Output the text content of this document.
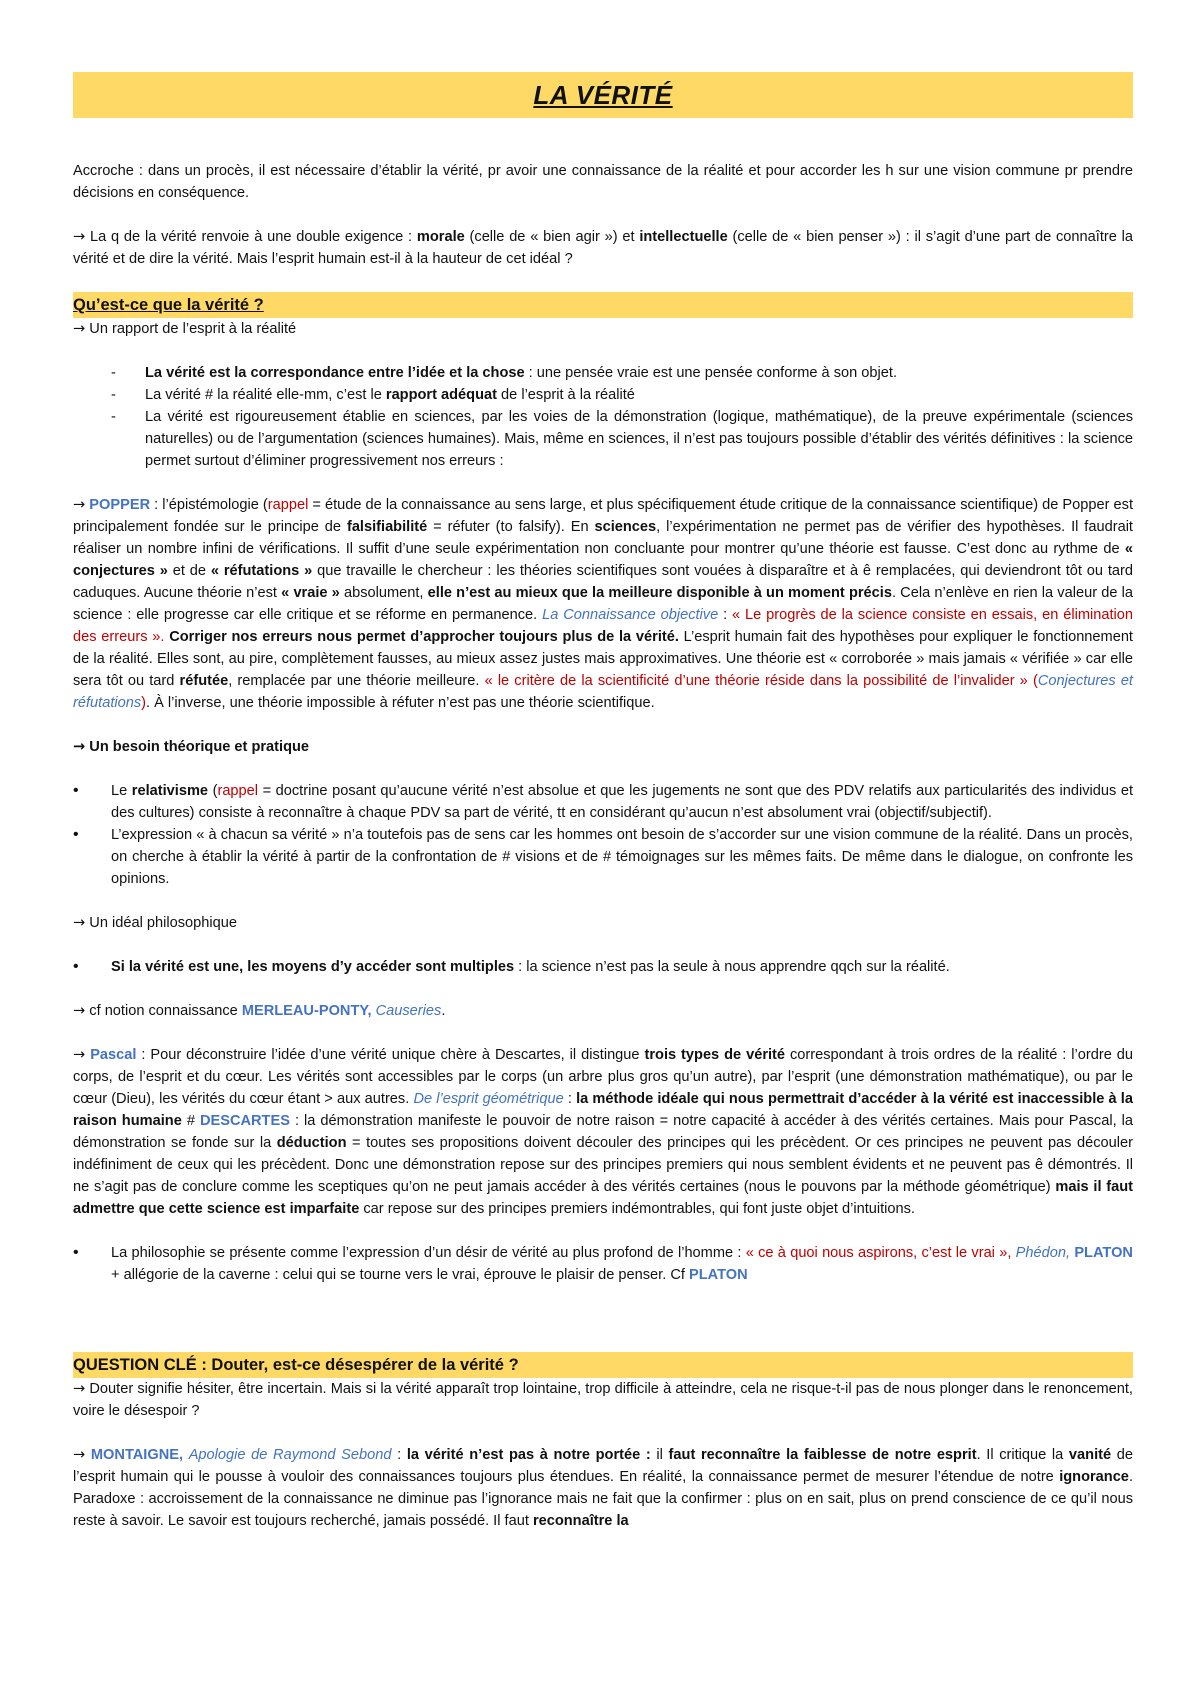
LA VÉRITÉ

Accroche : dans un procès, il est nécessaire d’établir la vérité, pr avoir une connaissance de la réalité et pour accorder les h sur une vision commune pr prendre décisions en conséquence.

→ La q de la vérité renvoie à une double exigence : morale (celle de « bien agir ») et intellectuelle (celle de « bien penser ») : il s’agit d’une part de connaître la vérité et de dire la vérité. Mais l’esprit humain est-il à la hauteur de cet idéal ?

Qu’est-ce que la vérité ?

→ Un rapport de l’esprit à la réalité

- La vérité est la correspondance entre l’idée et la chose : une pensée vraie est une pensée conforme à son objet.
- La vérité # la réalité elle-mm, c’est le rapport adéquat de l’esprit à la réalité
- La vérité est rigoureusement établie en sciences, par les voies de la démonstration (logique, mathématique), de la preuve expérimentale (sciences naturelles) ou de l’argumentation (sciences humaines). Mais, même en sciences, il n’est pas toujours possible d’établir des vérités définitives : la science permet surtout d’éliminer progressivement nos erreurs :

→ POPPER : l’épistémologie (rappel = étude de la connaissance au sens large, et plus spécifiquement étude critique de la connaissance scientifique) de Popper est principalement fondée sur le principe de falsifiabilité = réfuter (to falsify). En sciences, l’expérimentation ne permet pas de vérifier des hypothèses. Il faudrait réaliser un nombre infini de vérifications. Il suffit d’une seule expérimentation non concluante pour montrer qu’une théorie est fausse. C’est donc au rythme de « conjectures » et de « réfutations » que travaille le chercheur : les théories scientifiques sont vouées à disparaître et à ê remplacées, qui deviendront tôt ou tard caduques. Aucune théorie n’est « vraie » absolument, elle n’est au mieux que la meilleure disponible à un moment précis. Cela n’enlève en rien la valeur de la science : elle progresse car elle critique et se réforme en permanence. La Connaissance objective : « Le progrès de la science consiste en essais, en élimination des erreurs ». Corriger nos erreurs nous permet d’approcher toujours plus de la vérité. L’esprit humain fait des hypothèses pour expliquer le fonctionnement de la réalité. Elles sont, au pire, complètement fausses, au mieux assez justes mais approximatives. Une théorie est « corroborée » mais jamais « vérifiée » car elle sera tôt ou tard réfutée, remplacée par une théorie meilleure. « le critère de la scientificité d’une théorie réside dans la possibilité de l’invalider » (Conjectures et réfutations). À l’inverse, une théorie impossible à réfuter n’est pas une théorie scientifique.

→ Un besoin théorique et pratique

• Le relativisme (rappel = doctrine posant qu’aucune vérité n’est absolue et que les jugements ne sont que des PDV relatifs aux particularités des individus et des cultures) consiste à reconnaître à chaque PDV sa part de vérité, tt en considérant qu’aucun n’est absolument vrai (objectif/subjectif).
• L’expression « à chacun sa vérité » n’a toutefois pas de sens car les hommes ont besoin de s’accorder sur une vision commune de la réalité. Dans un procès, on cherche à établir la vérité à partir de la confrontation de # visions et de # témoignages sur les mêmes faits. De même dans le dialogue, on confronte les opinions.

→ Un idéal philosophique

• Si la vérité est une, les moyens d’y accéder sont multiples : la science n’est pas la seule à nous apprendre qqch sur la réalité.

→ cf notion connaissance MERLEAU-PONTY, Causeries.

→ Pascal : Pour déconstruire l’idée d’une vérité unique chère à Descartes, il distingue trois types de vérité correspondant à trois ordres de la réalité : l’ordre du corps, de l’esprit et du cœur. Les vérités sont accessibles par le corps (un arbre plus gros qu’un autre), par l’esprit (une démonstration mathématique), ou par le cœur (Dieu), les vérités du cœur étant > aux autres. De l’esprit géométrique : la méthode idéale qui nous permettrait d’accéder à la vérité est inaccessible à la raison humaine # DESCARTES : la démonstration manifeste le pouvoir de notre raison = notre capacité à accéder à des vérités certaines. Mais pour Pascal, la démonstration se fonde sur la déduction = toutes ses propositions doivent découler des principes qui les précèdent. Or ces principes ne peuvent pas découler indéfiniment de ceux qui les précèdent. Donc une démonstration repose sur des principes premiers qui nous semblent évidents et ne peuvent pas ê démontrés. Il ne s’agit pas de conclure comme les sceptiques qu’on ne peut jamais accéder à des vérités certaines (nous le pouvons par la méthode géométrique) mais il faut admettre que cette science est imparfaite car repose sur des principes premiers indémontrables, qui font juste objet d’intuitions.

• La philosophie se présente comme l’expression d’un désir de vérité au plus profond de l’homme : « ce à quoi nous aspirons, c’est le vrai », Phédon, PLATON + allégorie de la caverne : celui qui se tourne vers le vrai, éprouve le plaisir de penser. Cf PLATON
QUESTION CLÉ : Douter, est-ce désespérer de la vérité ?

→ Douter signifie hésiter, être incertain. Mais si la vérité apparaît trop lointaine, trop difficile à atteindre, cela ne risque-t-il pas de nous plonger dans le renoncement, voire le désespoir ?

→ MONTAIGNE, Apologie de Raymond Sebond : la vérité n’est pas à notre portée : il faut reconnaître la faiblesse de notre esprit. Il critique la vanité de l’esprit humain qui le pousse à vouloir des connaissances toujours plus étendues. En réalité, la connaissance permet de mesurer l’étendue de notre ignorance. Paradoxe : accroissement de la connaissance ne diminue pas l’ignorance mais ne fait que la confirmer : plus on en sait, plus on prend conscience de ce qu’il nous reste à savoir. Le savoir est toujours recherché, jamais possédé. Il faut reconnaître la
